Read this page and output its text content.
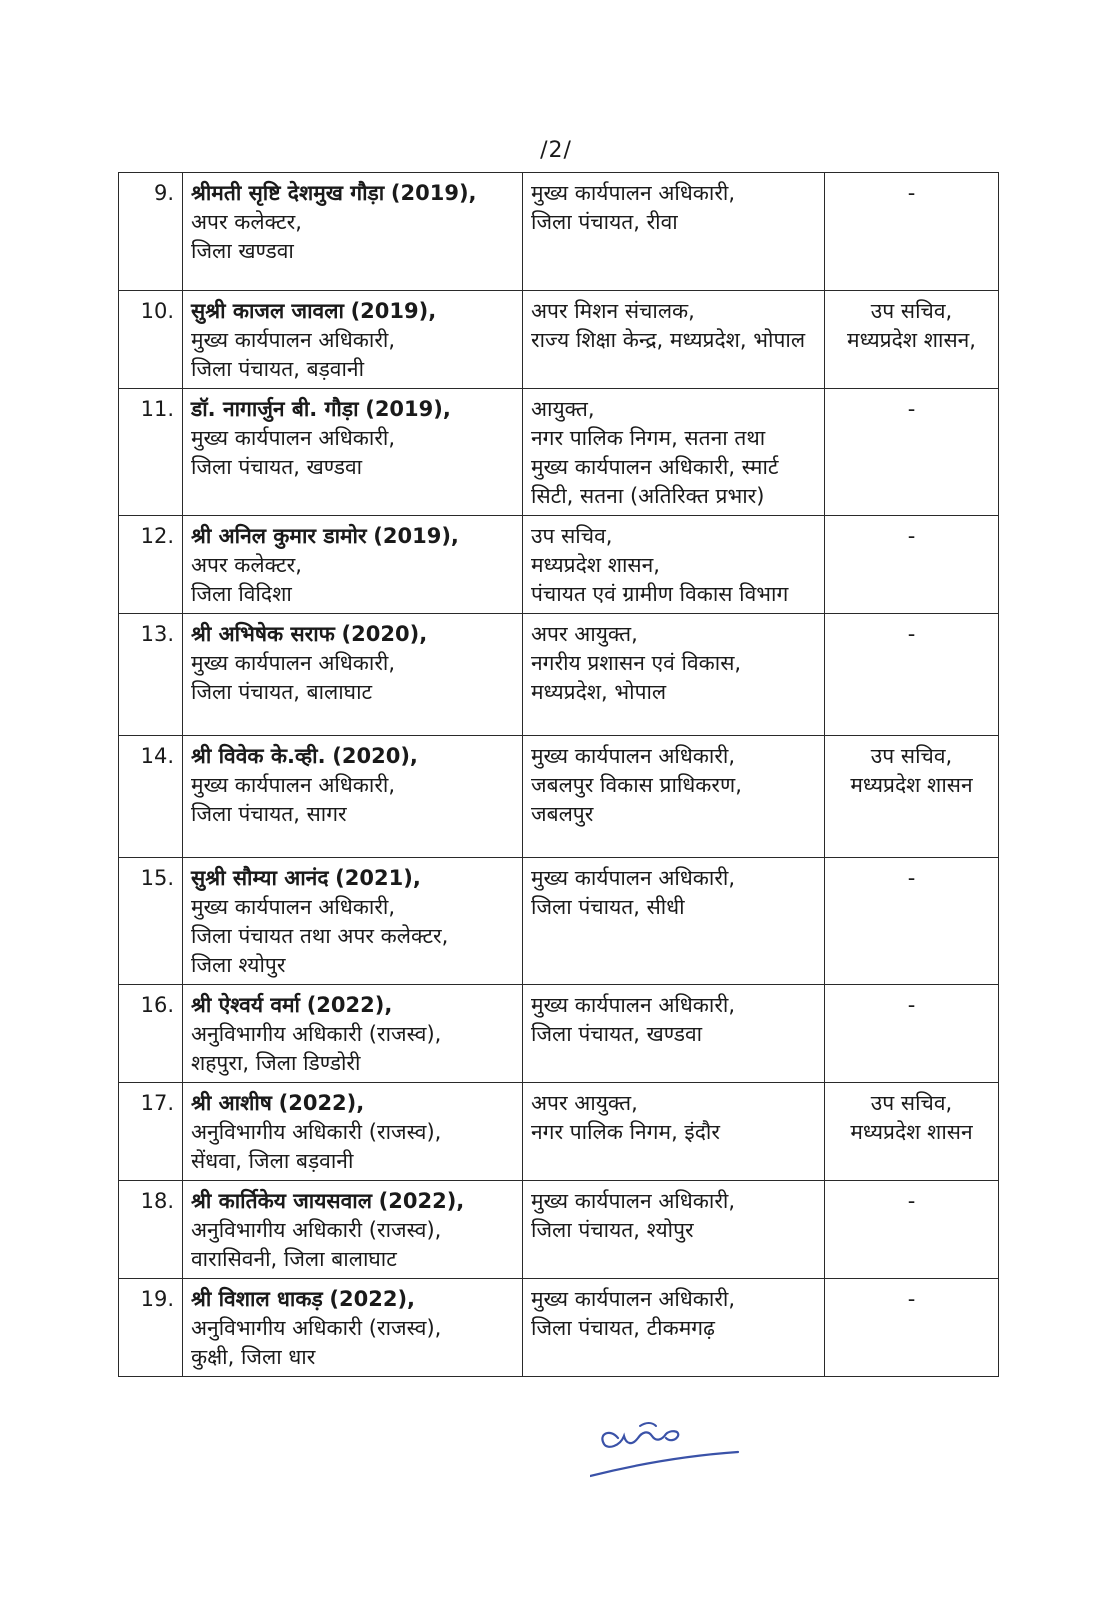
/2/
9.	श्रीमती सृष्टि देशमुख गौड़ा (2019),
अपर कलेक्टर,
जिला खण्डवा	मुख्य कार्यपालन अधिकारी,
जिला पंचायत, रीवा	-

10.	सुश्री काजल जावला (2019),
मुख्य कार्यपालन अधिकारी,
जिला पंचायत, बड़वानी	अपर मिशन संचालक,
राज्य शिक्षा केन्द्र, मध्यप्रदेश, भोपाल	उप सचिव,
मध्यप्रदेश शासन,

11.	डॉ. नागार्जुन बी. गौड़ा (2019),
मुख्य कार्यपालन अधिकारी,
जिला पंचायत, खण्डवा	आयुक्त,
नगर पालिक निगम, सतना तथा
मुख्य कार्यपालन अधिकारी, स्मार्ट
सिटी, सतना (अतिरिक्त प्रभार)	-

12.	श्री अनिल कुमार डामोर (2019),
अपर कलेक्टर,
जिला विदिशा	उप सचिव,
मध्यप्रदेश शासन,
पंचायत एवं ग्रामीण विकास विभाग	-

13.	श्री अभिषेक सराफ (2020),
मुख्य कार्यपालन अधिकारी,
जिला पंचायत, बालाघाट	अपर आयुक्त,
नगरीय प्रशासन एवं विकास,
मध्यप्रदेश, भोपाल	-

14.	श्री विवेक के.व्ही. (2020),
मुख्य कार्यपालन अधिकारी,
जिला पंचायत, सागर	मुख्य कार्यपालन अधिकारी,
जबलपुर विकास प्राधिकरण,
जबलपुर	उप सचिव,
मध्यप्रदेश शासन

15.	सुश्री सौम्या आनंद (2021),
मुख्य कार्यपालन अधिकारी,
जिला पंचायत तथा अपर कलेक्टर,
जिला श्योपुर	मुख्य कार्यपालन अधिकारी,
जिला पंचायत, सीधी	-

16.	श्री ऐश्वर्य वर्मा (2022),
अनुविभागीय अधिकारी (राजस्व),
शहपुरा, जिला डिण्डोरी	मुख्य कार्यपालन अधिकारी,
जिला पंचायत, खण्डवा	-

17.	श्री आशीष (2022),
अनुविभागीय अधिकारी (राजस्व),
सेंधवा, जिला बड़वानी	अपर आयुक्त,
नगर पालिक निगम, इंदौर	उप सचिव,
मध्यप्रदेश शासन

18.	श्री कार्तिकेय जायसवाल (2022),
अनुविभागीय अधिकारी (राजस्व),
वारासिवनी, जिला बालाघाट	मुख्य कार्यपालन अधिकारी,
जिला पंचायत, श्योपुर	-

19.	श्री विशाल धाकड़ (2022),
अनुविभागीय अधिकारी (राजस्व),
कुक्षी, जिला धार	मुख्य कार्यपालन अधिकारी,
जिला पंचायत, टीकमगढ़	-
